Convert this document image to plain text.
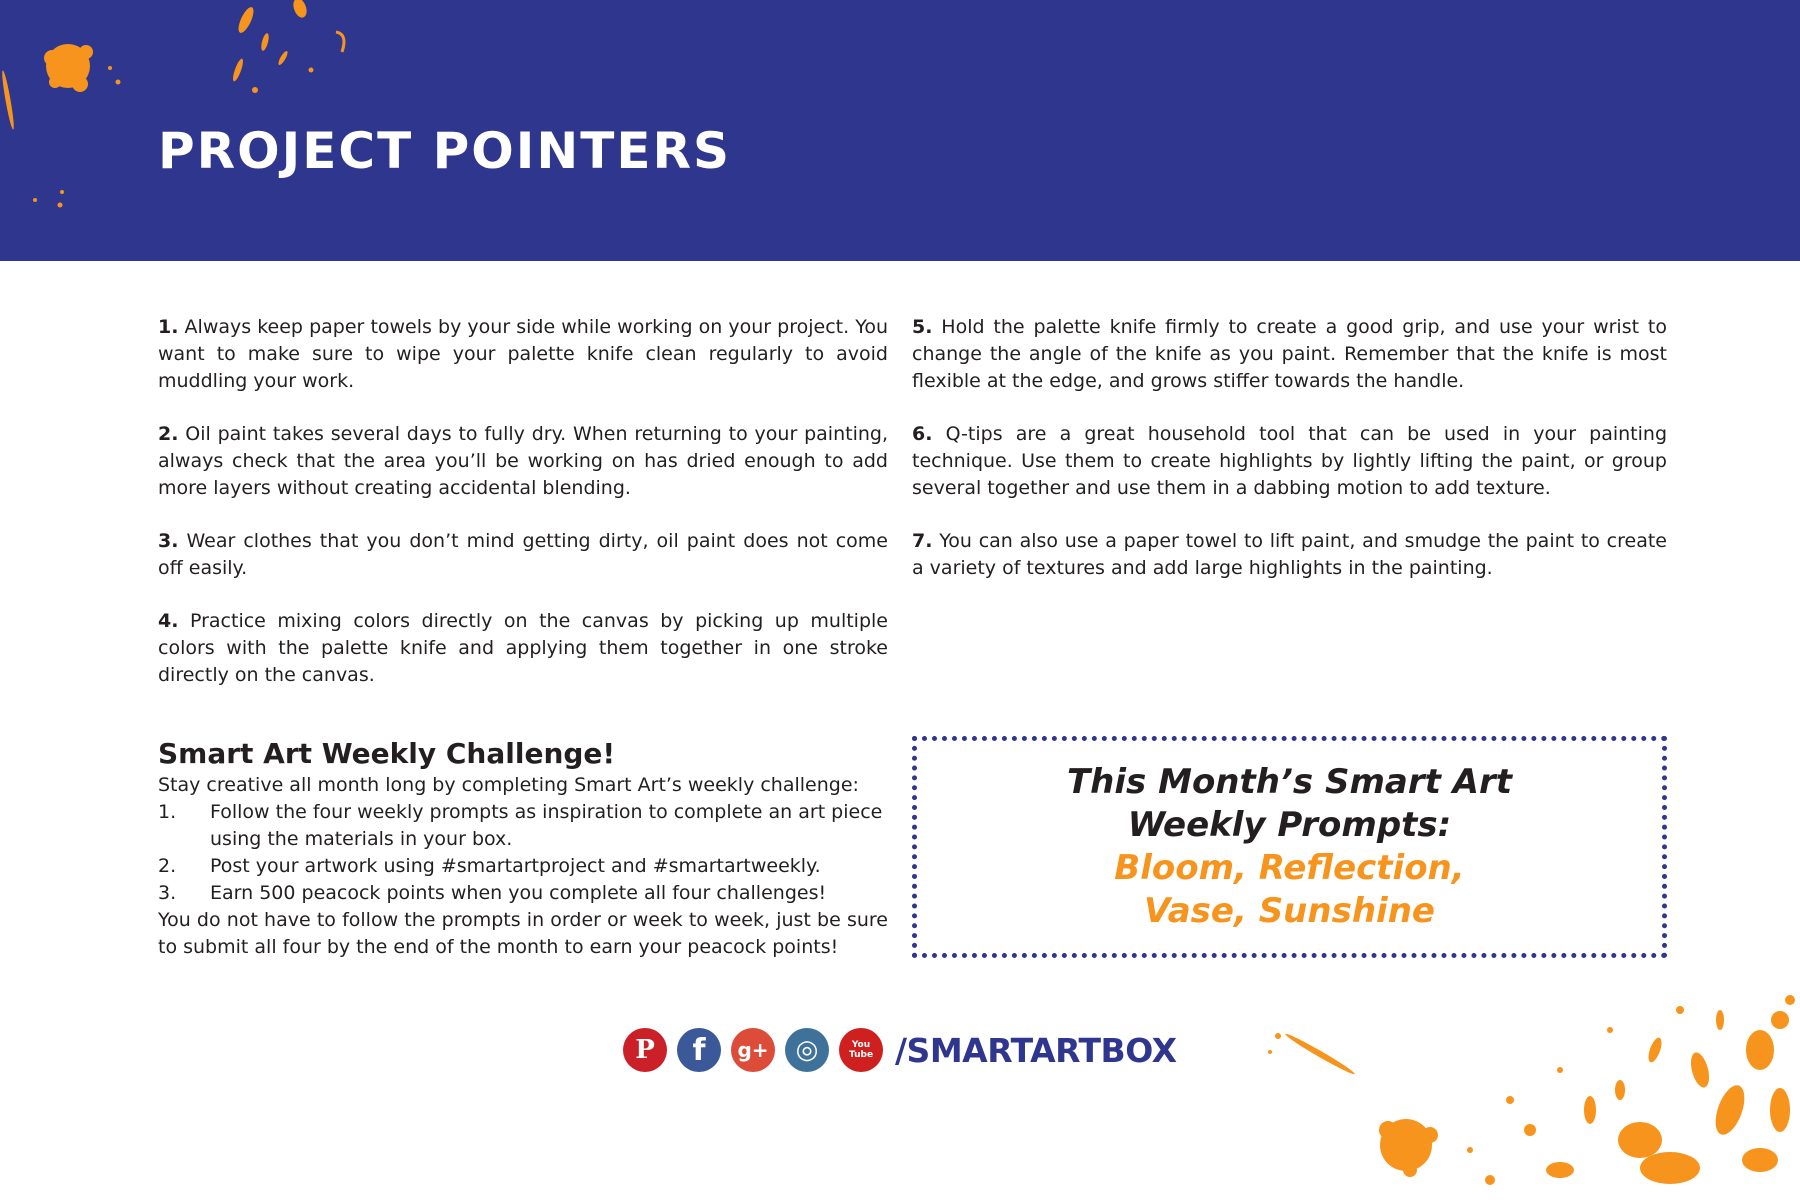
PROJECT POINTERS

1. Always keep paper towels by your side while working on your project. You want to make sure to wipe your palette knife clean regularly to avoid muddling your work.

2. Oil paint takes several days to fully dry. When returning to your painting, always check that the area you’ll be working on has dried enough to add more layers without creating accidental blending.

3. Wear clothes that you don’t mind getting dirty, oil paint does not come off easily.

4. Practice mixing colors directly on the canvas by picking up multiple colors with the palette knife and applying them together in one stroke directly on the canvas.

5. Hold the palette knife firmly to create a good grip, and use your wrist to change the angle of the knife as you paint. Remember that the knife is most flexible at the edge, and grows stiffer towards the handle.

6. Q-tips are a great household tool that can be used in your painting technique. Use them to create highlights by lightly lifting the paint, or group several together and use them in a dabbing motion to add texture.

7. You can also use a paper towel to lift paint, and smudge the paint to create a variety of textures and add large highlights in the painting.

Smart Art Weekly Challenge!

Stay creative all month long by completing Smart Art’s weekly challenge:

1.	Follow the four weekly prompts as inspiration to complete an art piece using the materials in your box.
2.	Post your artwork using #smartartproject and #smartartweekly.
3.	Earn 500 peacock points when you complete all four challenges!

You do not have to follow the prompts in order or week to week, just be sure to submit all four by the end of the month to earn your peacock points!

This Month’s Smart Art
Weekly Prompts:
Bloom, Reflection,
Vase, Sunshine
P	f	g+	◎	You Tube /SMARTARTBOX
